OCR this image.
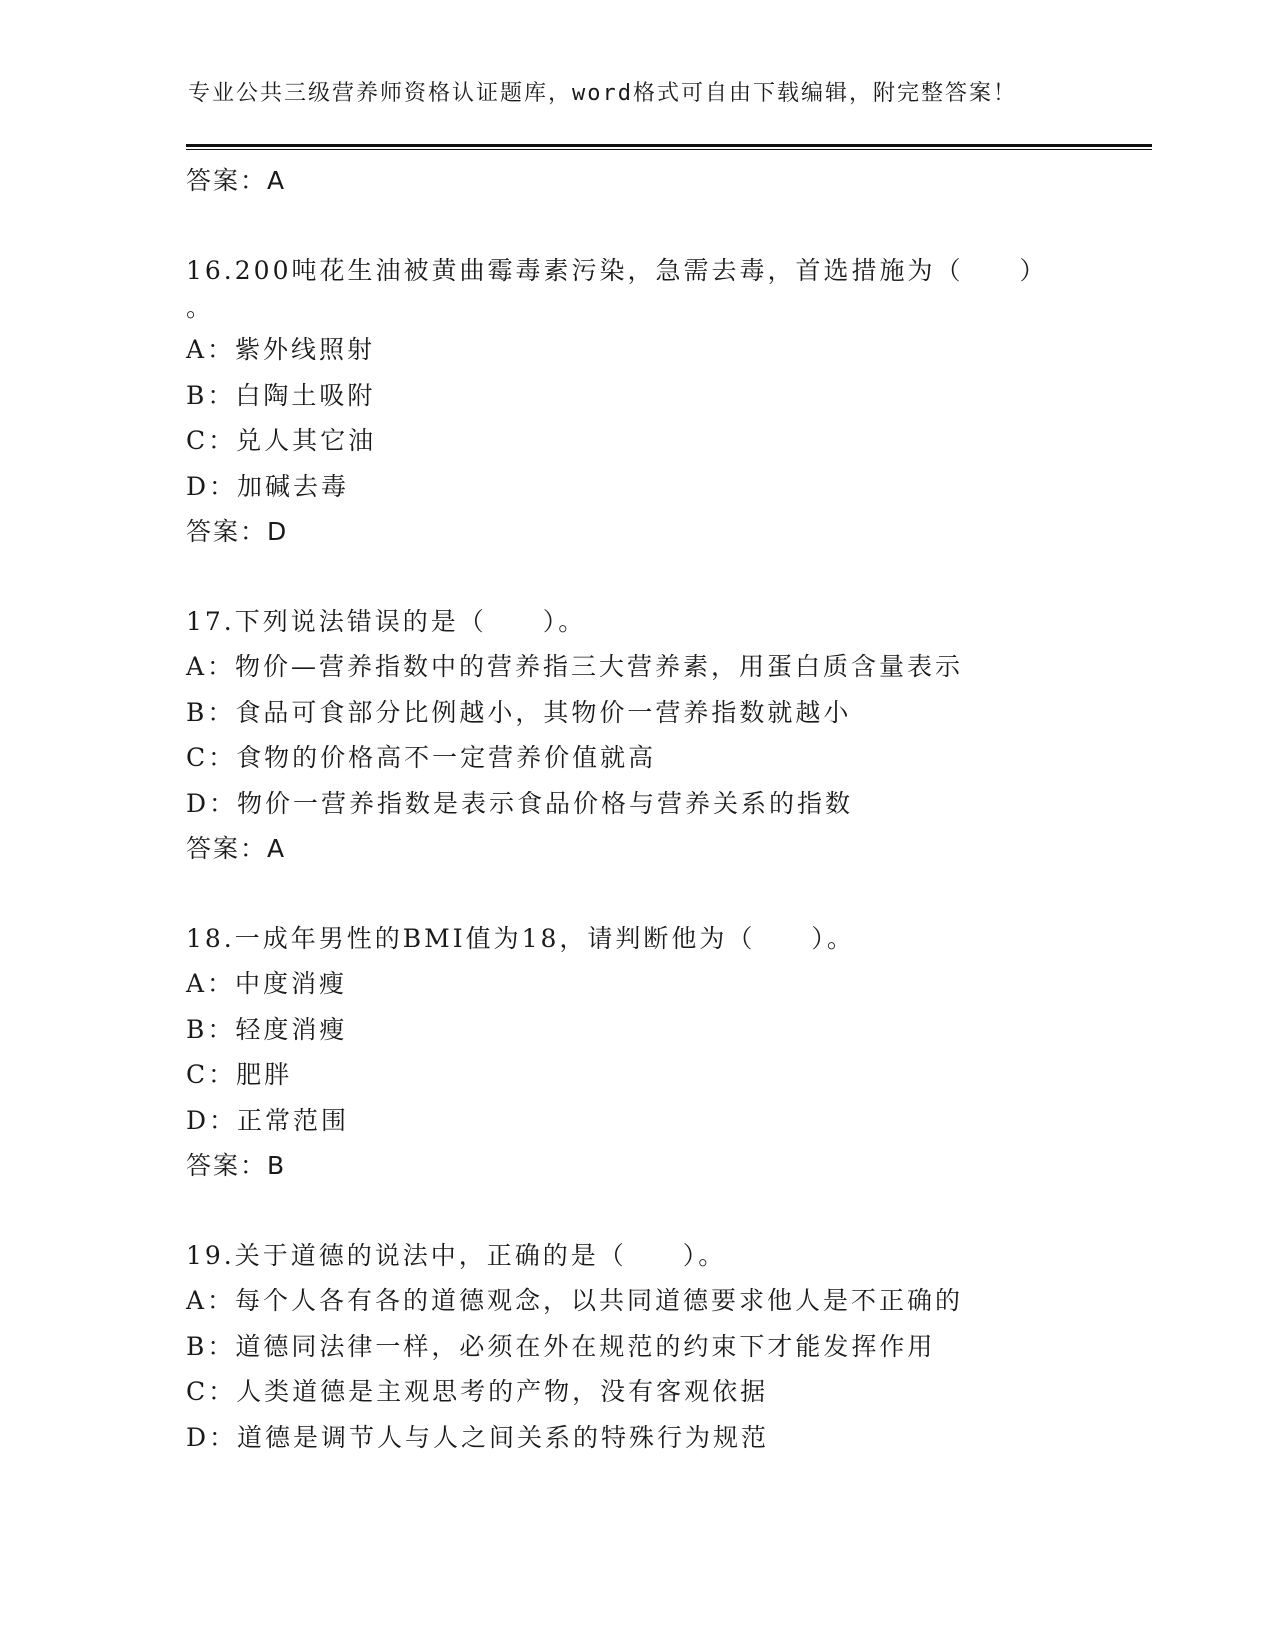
专业公共三级营养师资格认证题库，word格式可自由下载编辑，附完整答案！
答案：A
16.200吨花生油被黄曲霉毒素污染，急需去毒，首选措施为（　　）
。
A：紫外线照射
B：白陶土吸附
C：兑人其它油
D：加碱去毒
答案：D
17.下列说法错误的是（　　）。
A：物价—营养指数中的营养指三大营养素，用蛋白质含量表示
B：食品可食部分比例越小，其物价一营养指数就越小
C：食物的价格高不一定营养价值就高
D：物价一营养指数是表示食品价格与营养关系的指数
答案：A
18.一成年男性的BMI值为18，请判断他为（　　）。
A：中度消瘦
B：轻度消瘦
C：肥胖
D：正常范围
答案：B
19.关于道德的说法中，正确的是（　　）。
A：每个人各有各的道德观念，以共同道德要求他人是不正确的
B：道德同法律一样，必须在外在规范的约束下才能发挥作用
C：人类道德是主观思考的产物，没有客观依据
D：道德是调节人与人之间关系的特殊行为规范
